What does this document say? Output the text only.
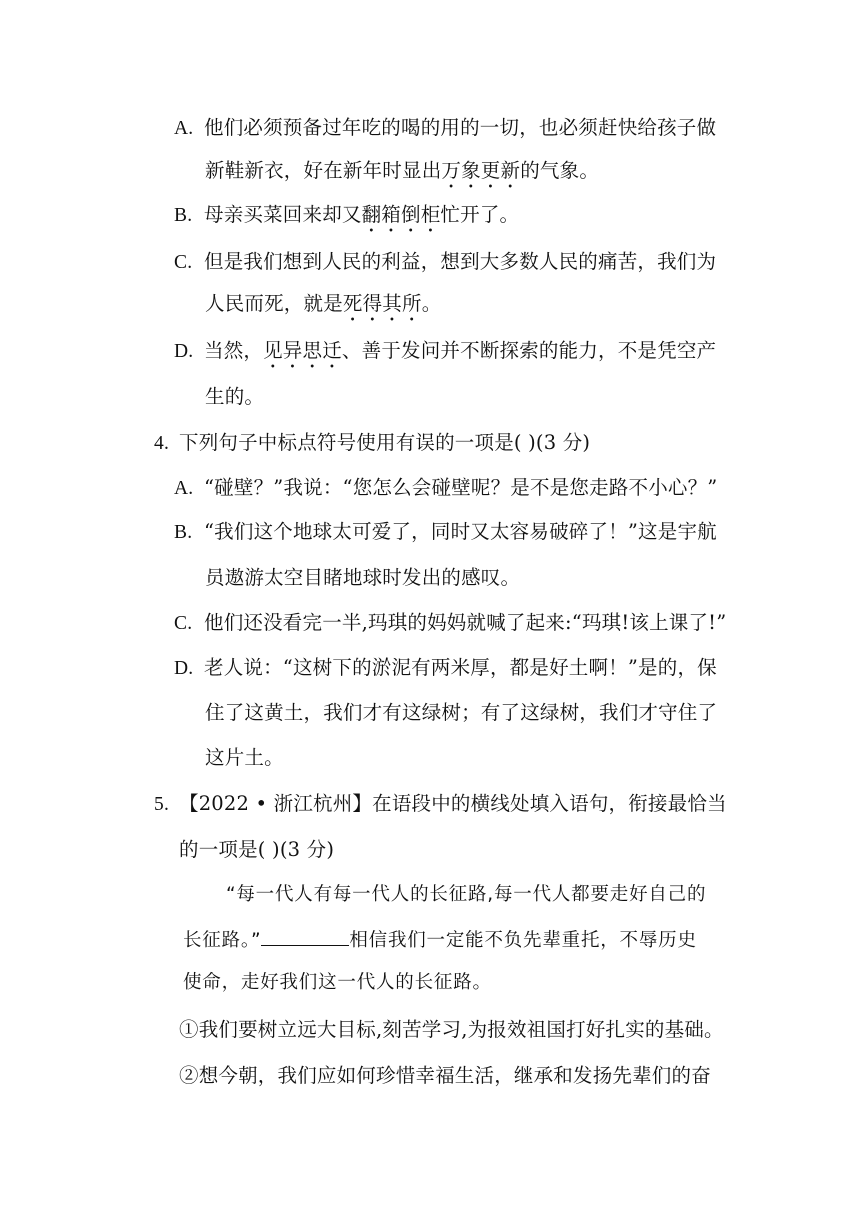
A. 他们必须预备过年吃的喝的用的一切，也必须赶快给孩子做
新鞋新衣，好在新年时显出万象更新的气象。
B. 母亲买菜回来却又翻箱倒柜忙开了。
C. 但是我们想到人民的利益，想到大多数人民的痛苦，我们为
人民而死，就是死得其所。
D. 当然，见异思迁、善于发问并不断探索的能力，不是凭空产
生的。
4. 下列句子中标点符号使用有误的一项是( )(3 分)
A. “碰壁？”我说：“您怎么会碰壁呢？是不是您走路不小心？”
B. “我们这个地球太可爱了，同时又太容易破碎了！”这是宇航
员遨游太空目睹地球时发出的感叹。
C. 他们还没看完一半,玛琪的妈妈就喊了起来:“玛琪!该上课了!”
D. 老人说：“这树下的淤泥有两米厚，都是好土啊！”是的，保
住了这黄土，我们才有这绿树；有了这绿树，我们才守住了
这片土。
5. 【2022 • 浙江杭州】在语段中的横线处填入语句，衔接最恰当
的一项是( )(3 分)
“每一代人有每一代人的长征路,每一代人都要走好自己的
长征路。”	相信我们一定能不负先辈重托，不辱历史
使命，走好我们这一代人的长征路。
①我们要树立远大目标,刻苦学习,为报效祖国打好扎实的基础。
②想今朝，我们应如何珍惜幸福生活，继承和发扬先辈们的奋
